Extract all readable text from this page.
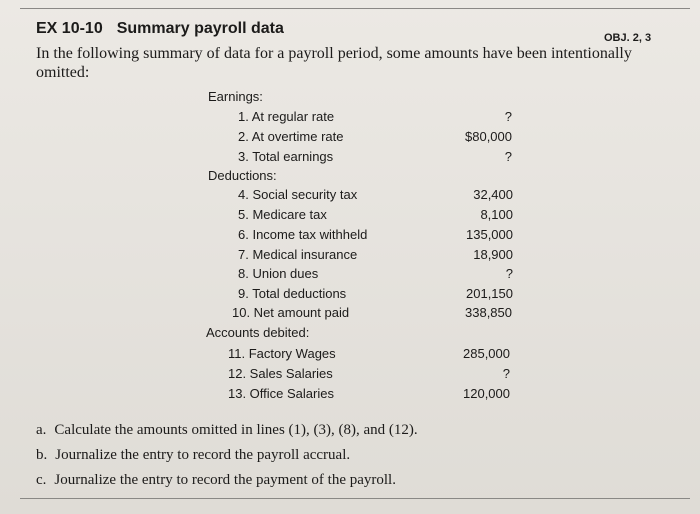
EX 10-10 Summary payroll data
OBJ. 2, 3
In the following summary of data for a payroll period, some amounts have been intentionally omitted:
Earnings:
1. At regular rate	?
2. At overtime rate	$80,000
3. Total earnings	?
Deductions:
4. Social security tax	32,400
5. Medicare tax	8,100
6. Income tax withheld	135,000
7. Medical insurance	18,900
8. Union dues	?
9. Total deductions	201,150
10. Net amount paid	338,850
Accounts debited:
11. Factory Wages	285,000
12. Sales Salaries	?
13. Office Salaries	120,000
a. Calculate the amounts omitted in lines (1), (3), (8), and (12).
b. Journalize the entry to record the payroll accrual.
c. Journalize the entry to record the payment of the payroll.
